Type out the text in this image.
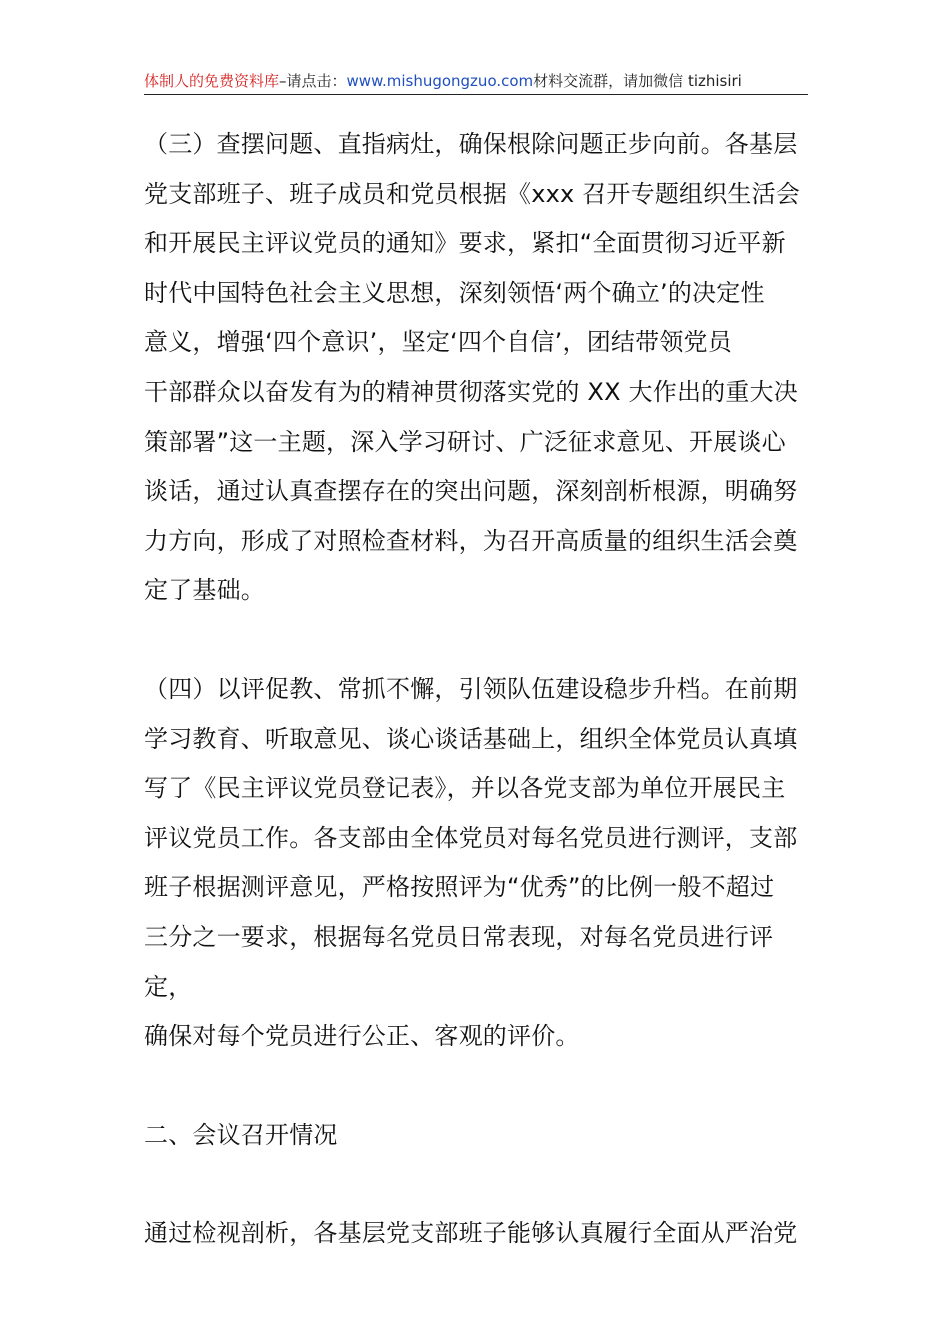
体制人的免费资料库–请点击：www.mishugongzuo.com材料交流群，请加微信 tizhisiri

（三）查摆问题、直指病灶，确保根除问题正步向前。各基层
党支部班子、班子成员和党员根据《xxx 召开专题组织生活会
和开展民主评议党员的通知》要求，紧扣“全面贯彻习近平新
时代中国特色社会主义思想，深刻领悟‘两个确立’的决定性
意义，增强‘四个意识’，坚定‘四个自信’，团结带领党员
干部群众以奋发有为的精神贯彻落实党的 XX 大作出的重大决
策部署”这一主题，深入学习研讨、广泛征求意见、开展谈心
谈话，通过认真查摆存在的突出问题，深刻剖析根源，明确努
力方向，形成了对照检查材料，为召开高质量的组织生活会奠
定了基础。

（四）以评促教、常抓不懈，引领队伍建设稳步升档。在前期
学习教育、听取意见、谈心谈话基础上，组织全体党员认真填
写了《民主评议党员登记表》，并以各党支部为单位开展民主
评议党员工作。各支部由全体党员对每名党员进行测评，支部
班子根据测评意见，严格按照评为“优秀”的比例一般不超过
三分之一要求，根据每名党员日常表现，对每名党员进行评定，
确保对每个党员进行公正、客观的评价。

二、会议召开情况

通过检视剖析，各基层党支部班子能够认真履行全面从严治党
